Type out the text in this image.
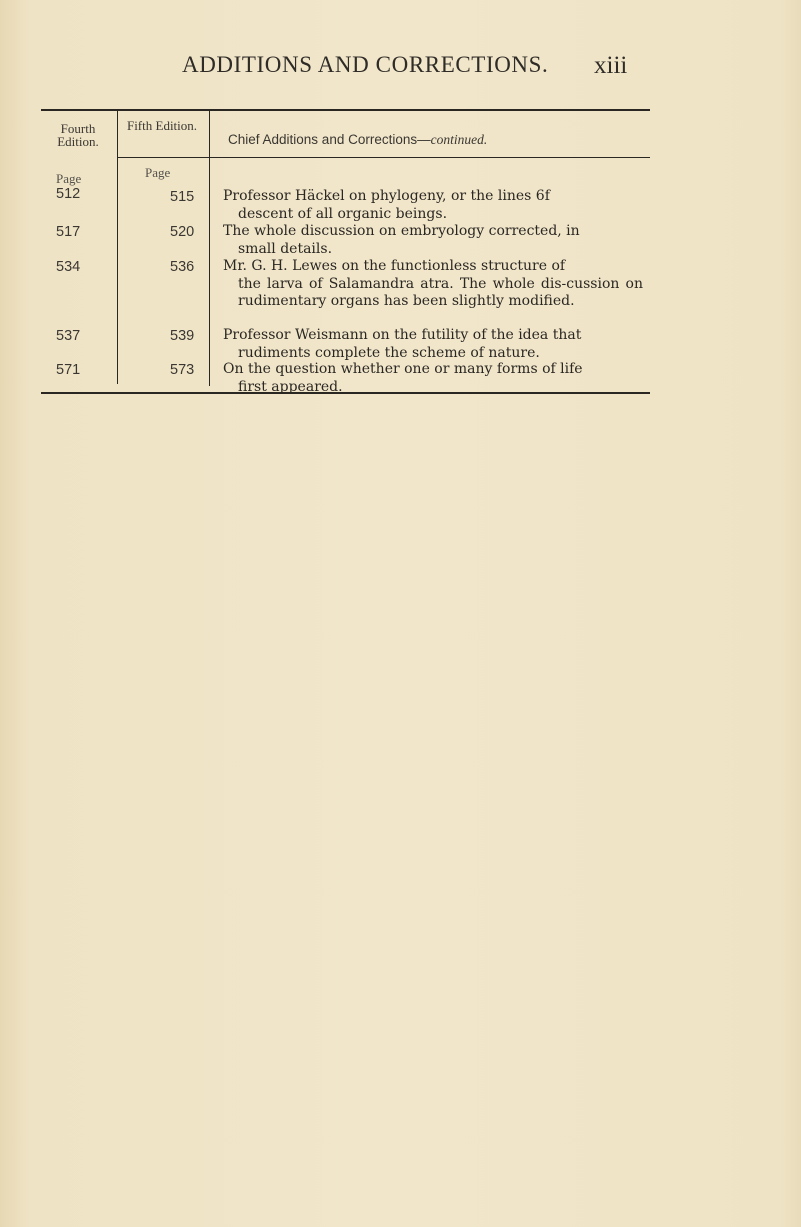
ADDITIONS AND CORRECTIONS. xiii
Fourth Edition.
Fifth Edition.
Chief Additions and Corrections—continued.
Page	Page
512	515 Professor Häckel on phylogeny, or the lines 6f
descent of all organic beings.
517	520 The whole discussion on embryology corrected, in
small details.
534	536 Mr. G. H. Lewes on the functionless structure of
the larva of Salamandra atra. The whole dis-cussion on rudimentary organs has been slightly modified.
537	539 Professor Weismann on the futility of the idea that
rudiments complete the scheme of nature.
571	573 On the question whether one or many forms of life
first appeared.
